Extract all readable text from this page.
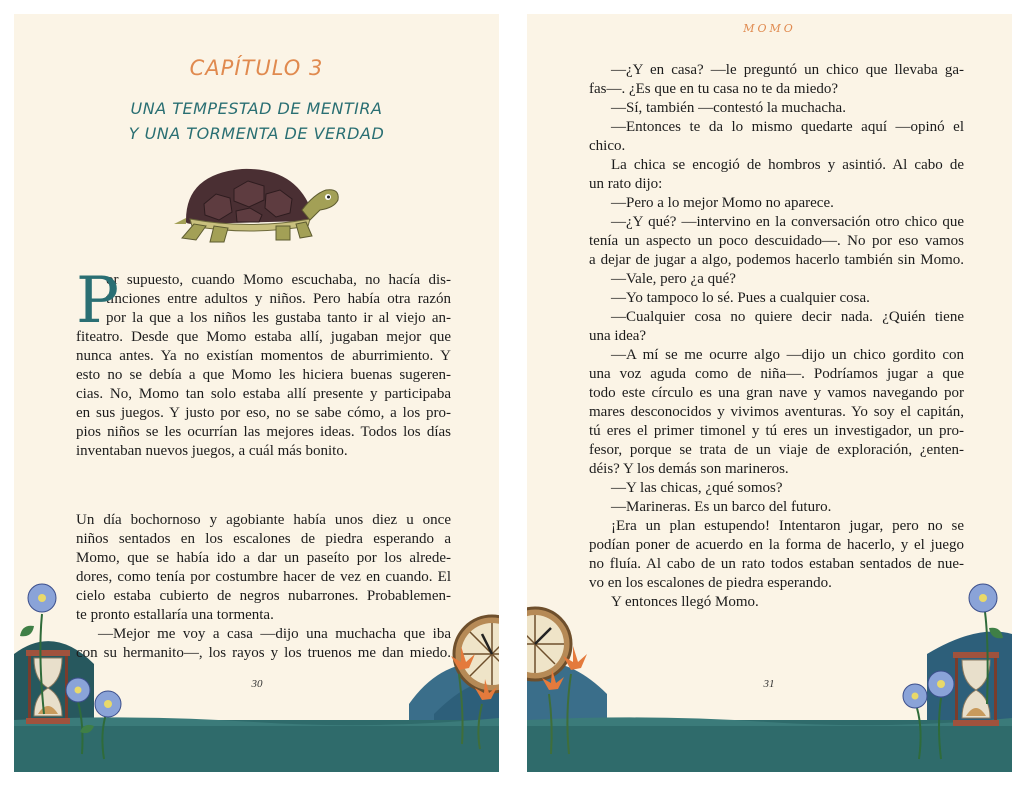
CAPÍTULO 3
UNA TEMPESTAD DE MENTIRA
Y UNA TORMENTA DE VERDAD
P
or supuesto, cuando Momo escuchaba, no hacía dis-
tinciones entre adultos y niños. Pero había otra razón
por la que a los niños les gustaba tanto ir al viejo an-
fiteatro. Desde que Momo estaba allí, jugaban mejor que
nunca antes. Ya no existían momentos de aburrimiento. Y
esto no se debía a que Momo les hiciera buenas sugeren-
cias. No, Momo tan solo estaba allí presente y participaba
en sus juegos. Y justo por eso, no se sabe cómo, a los pro-
pios niños se les ocurrían las mejores ideas. Todos los días
inventaban nuevos juegos, a cuál más bonito.
Un día bochornoso y agobiante había unos diez u once
niños sentados en los escalones de piedra esperando a
Momo, que se había ido a dar un paseíto por los alrede-
dores, como tenía por costumbre hacer de vez en cuando. El
cielo estaba cubierto de negros nubarrones. Probablemen-
te pronto estallaría una tormenta.
—Mejor me voy a casa —dijo una muchacha que iba
con su hermanito—, los rayos y los truenos me dan miedo.
30
MOMO
—¿Y en casa? —le preguntó un chico que llevaba ga-
fas—. ¿Es que en tu casa no te da miedo?
—Sí, también —contestó la muchacha.
—Entonces te da lo mismo quedarte aquí —opinó el
chico.
La chica se encogió de hombros y asintió. Al cabo de
un rato dijo:
—Pero a lo mejor Momo no aparece.
—¿Y qué? —intervino en la conversación otro chico que
tenía un aspecto un poco descuidado—. No por eso vamos
a dejar de jugar a algo, podemos hacerlo también sin Momo.
—Vale, pero ¿a qué?
—Yo tampoco lo sé. Pues a cualquier cosa.
—Cualquier cosa no quiere decir nada. ¿Quién tiene
una idea?
—A mí se me ocurre algo —dijo un chico gordito con
una voz aguda como de niña—. Podríamos jugar a que
todo este círculo es una gran nave y vamos navegando por
mares desconocidos y vivimos aventuras. Yo soy el capitán,
tú eres el primer timonel y tú eres un investigador, un pro-
fesor, porque se trata de un viaje de exploración, ¿enten-
déis? Y los demás son marineros.
—Y las chicas, ¿qué somos?
—Marineras. Es un barco del futuro.
¡Era un plan estupendo! Intentaron jugar, pero no se
podían poner de acuerdo en la forma de hacerlo, y el juego
no fluía. Al cabo de un rato todos estaban sentados de nue-
vo en los escalones de piedra esperando.
Y entonces llegó Momo.
31
